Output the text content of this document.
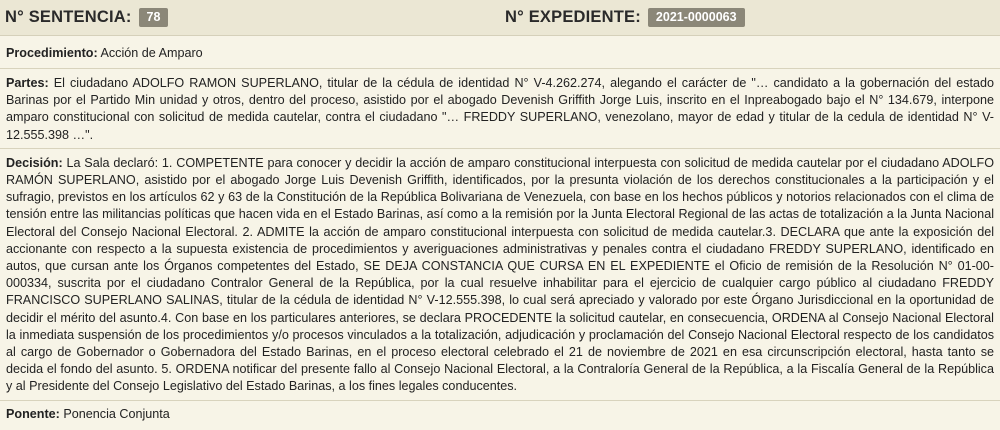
N° SENTENCIA:	78	N° EXPEDIENTE:	2021-0000063
Procedimiento: Acción de Amparo
Partes: El ciudadano ADOLFO RAMON SUPERLANO, titular de la cédula de identidad N° V-4.262.274, alegando el carácter de "… candidato a la gobernación del estado Barinas por el Partido Min unidad y otros, dentro del proceso, asistido por el abogado Devenish Griffith Jorge Luis, inscrito en el Inpreabogado bajo el N° 134.679, interpone amparo constitucional con solicitud de medida cautelar, contra el ciudadano "… FREDDY SUPERLANO, venezolano, mayor de edad y titular de la cedula de identidad N° V-12.555.398 …".
Decisión: La Sala declaró: 1. COMPETENTE para conocer y decidir la acción de amparo constitucional interpuesta con solicitud de medida cautelar por el ciudadano ADOLFO RAMÓN SUPERLANO, asistido por el abogado Jorge Luis Devenish Griffith, identificados, por la presunta violación de los derechos constitucionales a la participación y el sufragio, previstos en los artículos 62 y 63 de la Constitución de la República Bolivariana de Venezuela, con base en los hechos públicos y notorios relacionados con el clima de tensión entre las militancias políticas que hacen vida en el Estado Barinas, así como a la remisión por la Junta Electoral Regional de las actas de totalización a la Junta Nacional Electoral del Consejo Nacional Electoral. 2. ADMITE la acción de amparo constitucional interpuesta con solicitud de medida cautelar.3. DECLARA que ante la exposición del accionante con respecto a la supuesta existencia de procedimientos y averiguaciones administrativas y penales contra el ciudadano FREDDY SUPERLANO, identificado en autos, que cursan ante los Órganos competentes del Estado, SE DEJA CONSTANCIA QUE CURSA EN EL EXPEDIENTE el Oficio de remisión de la Resolución N° 01-00-000334, suscrita por el ciudadano Contralor General de la República, por la cual resuelve inhabilitar para el ejercicio de cualquier cargo público al ciudadano FREDDY FRANCISCO SUPERLANO SALINAS, titular de la cédula de identidad N° V-12.555.398, lo cual será apreciado y valorado por este Órgano Jurisdiccional en la oportunidad de decidir el mérito del asunto.4. Con base en los particulares anteriores, se declara PROCEDENTE la solicitud cautelar, en consecuencia, ORDENA al Consejo Nacional Electoral la inmediata suspensión de los procedimientos y/o procesos vinculados a la totalización, adjudicación y proclamación del Consejo Nacional Electoral respecto de los candidatos al cargo de Gobernador o Gobernadora del Estado Barinas, en el proceso electoral celebrado el 21 de noviembre de 2021 en esa circunscripción electoral, hasta tanto se decida el fondo del asunto. 5. ORDENA notificar del presente fallo al Consejo Nacional Electoral, a la Contraloría General de la República, a la Fiscalía General de la República y al Presidente del Consejo Legislativo del Estado Barinas, a los fines legales conducentes.
Ponente: Ponencia Conjunta
